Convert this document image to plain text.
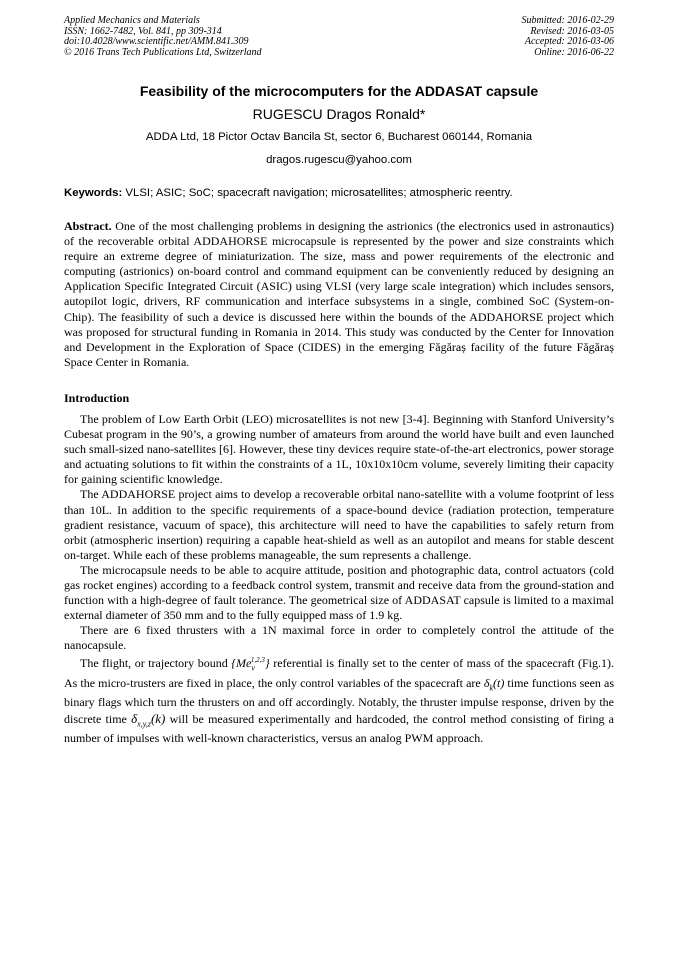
Applied Mechanics and Materials
ISSN: 1662-7482, Vol. 841, pp 309-314
doi:10.4028/www.scientific.net/AMM.841.309
© 2016 Trans Tech Publications Ltd, Switzerland
Submitted: 2016-02-29
Revised: 2016-03-05
Accepted: 2016-03-06
Online: 2016-06-22
Feasibility of the microcomputers for the ADDASAT capsule
RUGESCU Dragos Ronald*
ADDA Ltd, 18 Pictor Octav Bancila St, sector 6, Bucharest 060144, Romania
dragos.rugescu@yahoo.com
Keywords: VLSI; ASIC; SoC; spacecraft navigation; microsatellites; atmospheric reentry.
Abstract. One of the most challenging problems in designing the astrionics (the electronics used in astronautics) of the recoverable orbital ADDAHORSE microcapsule is represented by the power and size constraints which require an extreme degree of miniaturization. The size, mass and power requirements of the electronic and computing (astrionics) on-board control and command equipment can be conveniently reduced by designing an Application Specific Integrated Circuit (ASIC) using VLSI (very large scale integration) which includes sensors, autopilot logic, drivers, RF communication and interface subsystems in a single, combined SoC (System-on-Chip). The feasibility of such a device is discussed here within the bounds of the ADDAHORSE project which was proposed for structural funding in Romania in 2014. This study was conducted by the Center for Innovation and Development in the Exploration of Space (CIDES) in the emerging Făgăraș facility of the future Făgăraș Space Center in Romania.
Introduction

The problem of Low Earth Orbit (LEO) microsatellites is not new [3-4]. Beginning with Stanford University’s Cubesat program in the 90’s, a growing number of amateurs from around the world have built and even launched such small-sized nano-satellites [6]. However, these tiny devices require state-of-the-art electronics, power storage and actuating solutions to fit within the constraints of a 1L, 10x10x10cm volume, severely limiting their capacity for gaining scientific knowledge.

The ADDAHORSE project aims to develop a recoverable orbital nano-satellite with a volume footprint of less than 10L. In addition to the specific requirements of a space-bound device (radiation protection, temperature gradient resistance, vacuum of space), this architecture will need to have the capabilities to safely return from orbit (atmospheric insertion) requiring a capable heat-shield as well as an autopilot and means for stable descent on-target. While each of these problems manageable, the sum represents a challenge.

The microcapsule needs to be able to acquire attitude, position and photographic data, control actuators (cold gas rocket engines) according to a feedback control system, transmit and receive data from the ground-station and function with a high-degree of fault tolerance. The geometrical size of ADDASAT capsule is limited to a maximal external diameter of 350 mm and to the fully equipped mass of 1.9 kg.

There are 6 fixed thrusters with a 1N maximal force in order to completely control the attitude of the nanocapsule.

The flight, or trajectory bound $\{Me_v^{1,2,3}\}$ referential is finally set to the center of mass of the spacecraft (Fig.1). As the micro-trusters are fixed in place, the only control variables of the spacecraft are $\delta_k(t)$ time functions seen as binary flags which turn the thrusters on and off accordingly. Notably, the thruster impulse response, driven by the discrete time $\delta_{x,y,z}(k)$ will be measured experimentally and hardcoded, the control method consisting of firing a number of impulses with well-known characteristics, versus an analog PWM approach.
